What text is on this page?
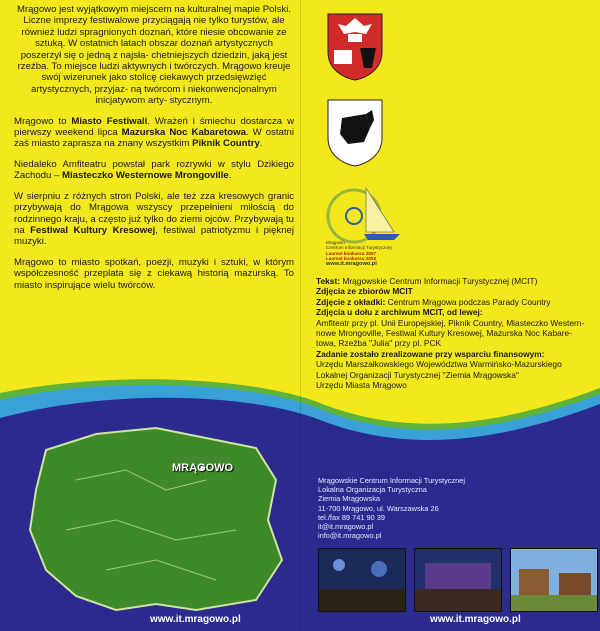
Mrągowo jest wyjątkowym miejscem na kulturalnej mapie Polski. Liczne imprezy festiwalowe przyciągają nie tylko turystów, ale również ludzi spragnionych doznań, które niesie obcowanie ze sztuką. W ostatnich latach obszar doznań artystycznych poszerzył się o jedną z najsła- chetniejszych dziedzin, jaką jest rzeźba. To miejsce ludzi aktywnych i twórczych. Mrągowo kreuje swój wizerunek jako stolicę ciekawych przedsięwzięć artystycznych, przyjaz- ną twórcom i niekonwencjonalnym inicjatywom arty- stycznym.

Mrągowo to Miasto Festiwali. Wrażeń i śmiechu dostarcza w pierwszy weekend lipca Mazurska Noc Kabaretowa. W ostatni zaś miasto zaprasza na znany wszystkim Piknik Country.

Niedaleko Amfiteatru powstał park rozrywki w stylu Dzikiego Zachodu – Miasteczko Westernowe Mrongoville.

W sierpniu z różnych stron Polski, ale też zza kresowych granic przybywają do Mrągowa wszyscy przepełnieni miłością do rodzinnego kraju, a często już tylko do ziemi ojców. Przybywają tu na Festiwal Kultury Kresowej, festiwal patriotyzmu i pięknej muzyki.

Mrągowo to miasto spotkań, poezji, muzyki i sztuki, w którym współczesność przeplata się z ciekawą historią mazurską. To miasto inspirujące wielu twórców.

Mrągowo
Centrum Informacji Turystycznej
Laureat konkursu 2007
Laureat konkursu 2008
www.it.mragowo.pl

Tekst: Mrągowskie Centrum Informacji Turystycznej (MCIT)

Zdjęcia ze zbiorów MCIT

Zdjęcie z okładki: Centrum Mrągowa podczas Parady Country

Zdjęcia u dołu z archiwum MCIT, od lewej:

Amfiteatr przy pl. Unii Europejskiej, Piknik Country, Miasteczko Western- nowe Mrongoville, Festiwal Kultury Kresowej, Mazurska Noc Kabare- towa, Rzeźba "Julia" przy pl. PCK

Zadanie zostało zrealizowane przy wsparciu finansowym:

Urzędu Marszałkowskiego Województwa Warmińsko-Mazurskiego

Lokalnej Organizacji Turystycznej "Ziemia Mrągowska"

Urzędu Miasta Mrągowo

MRĄGOWO
Mrągowskie Centrum Informacji Turystycznej
Lokalna Organizacja Turystyczna
Ziemia Mrągowska
11-700 Mrągowo, ul. Warszawska 26
tel./fax 89 741 90 39
it@it.mragowo.pl
info@it.mragowo.pl
www.it.mragowo.pl	www.it.mragowo.pl
